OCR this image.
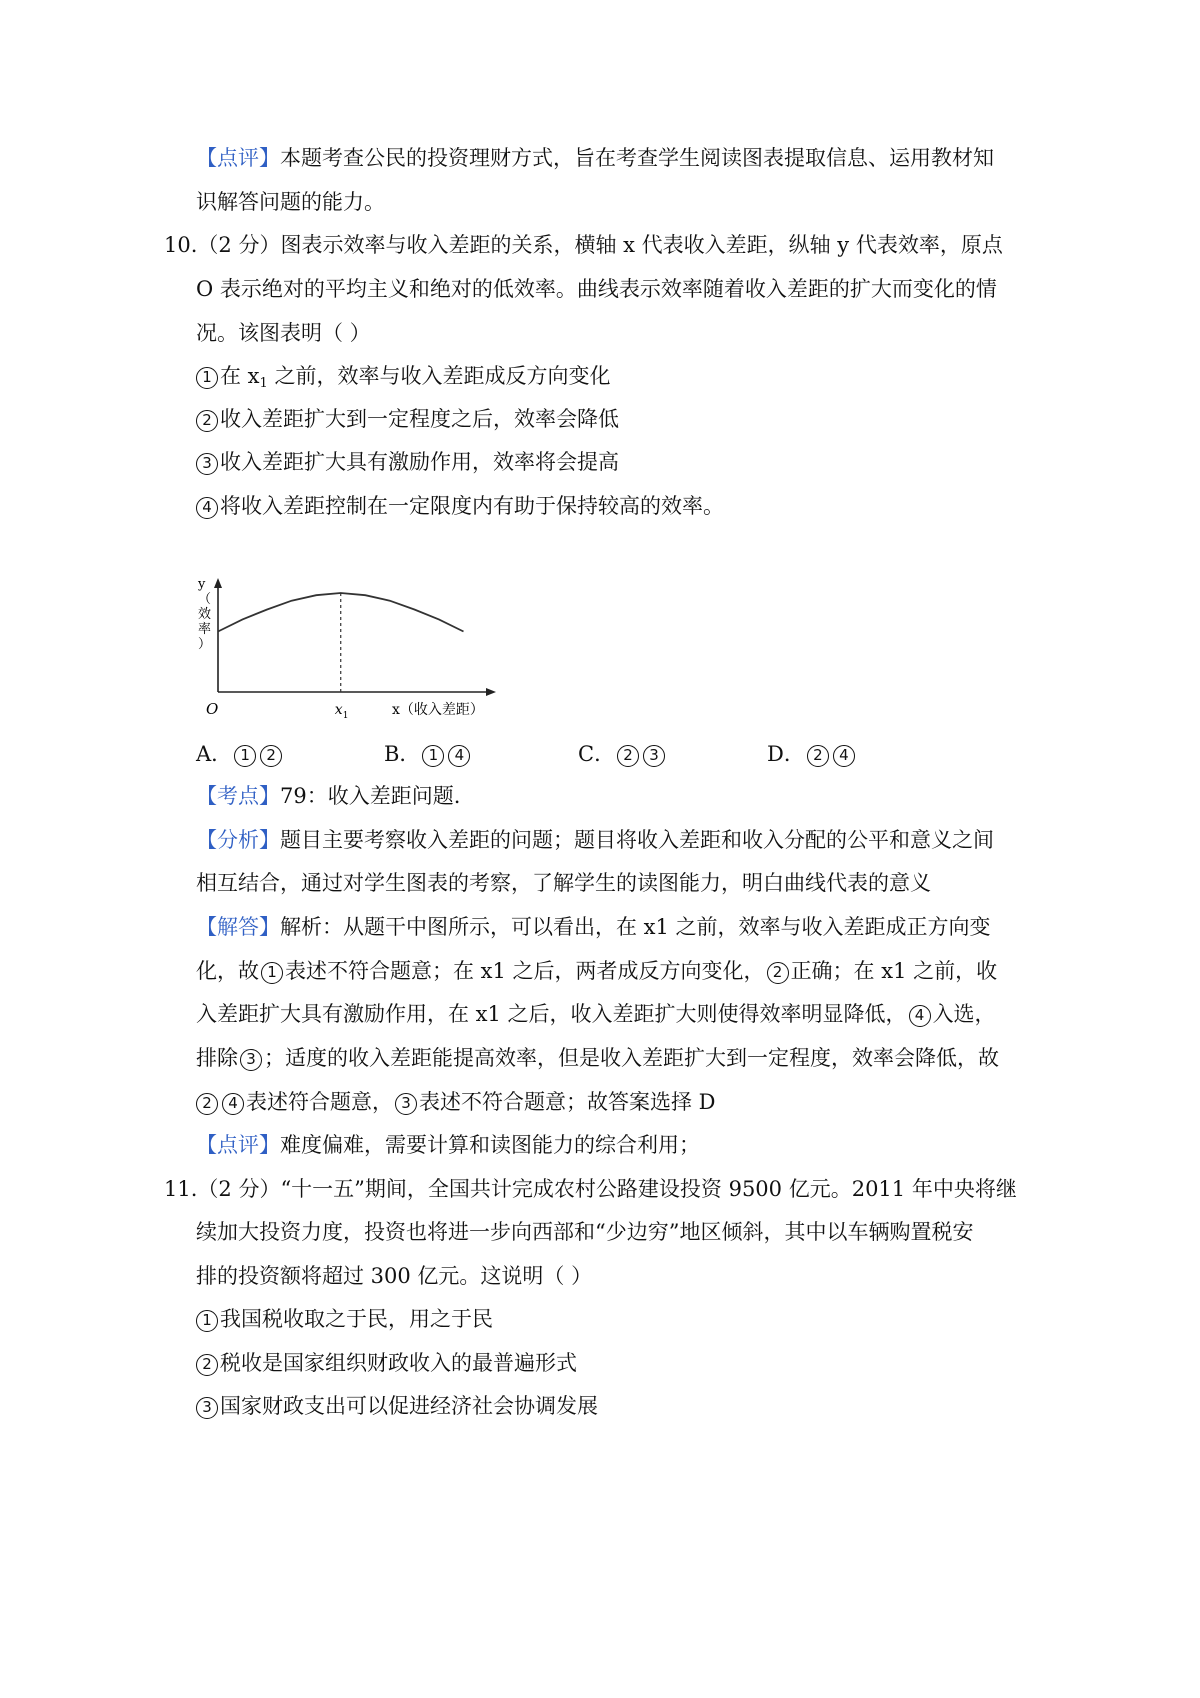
【点评】本题考查公民的投资理财方式，旨在考查学生阅读图表提取信息、运用教材知
识解答问题的能力。
10.（2 分）图表示效率与收入差距的关系，横轴 x 代表收入差距，纵轴 y 代表效率，原点
O 表示绝对的平均主义和绝对的低效率。曲线表示效率随着收入差距的扩大而变化的情
况。该图表明（ ）
1 在 $x_1$ 之前，效率与收入差距成反方向变化
2 收入差距扩大到一定程度之后，效率会降低
3 收入差距扩大具有激励作用，效率将会提高
4 将收入差距控制在一定限度内有助于保持较高的效率。
O	x 1	x（收入差距）
y
（
效
率
）
A． 1 2	B． 1 4	C． 2 3	D． 2 4
【考点】79：收入差距问题.
【分析】题目主要考察收入差距的问题；题目将收入差距和收入分配的公平和意义之间
相互结合，通过对学生图表的考察，了解学生的读图能力，明白曲线代表的意义
【解答】解析：从题干中图所示，可以看出，在 x1 之前，效率与收入差距成正方向变
化，故 1 表述不符合题意；在 x1 之后，两者成反方向变化， 2 正确；在 x1 之前，收
入差距扩大具有激励作用，在 x1 之后，收入差距扩大则使得效率明显降低， 4 入选，
排除 3 ；适度的收入差距能提高效率，但是收入差距扩大到一定程度，效率会降低，故
2 4 表述符合题意， 3 表述不符合题意；故答案选择 D
【点评】难度偏难，需要计算和读图能力的综合利用；
11.（2 分）“十一五”期间，全国共计完成农村公路建设投资 9500 亿元。2011 年中央将继
续加大投资力度，投资也将进一步向西部和“少边穷”地区倾斜，其中以车辆购置税安
排的投资额将超过 300 亿元。这说明（ ）
1 我国税收取之于民，用之于民
2 税收是国家组织财政收入的最普遍形式
3 国家财政支出可以促进经济社会协调发展
